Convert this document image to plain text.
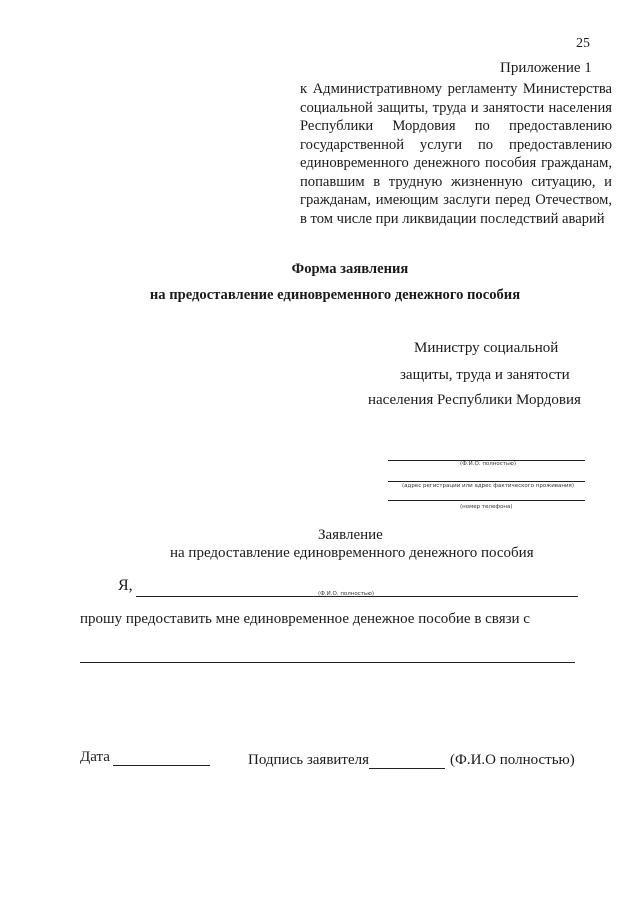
25
Приложение 1
к Административному регламенту Министерства социальной защиты, труда и занятости населения Республики Мордовия по предоставлению государственной услуги по предоставлению единовременного денежного пособия гражданам, попавшим в трудную жизненную ситуацию, и гражданам, имеющим заслуги перед Отечеством, в том числе при ликвидации последствий аварий
Форма заявления
на предоставление единовременного денежного пособия
Министру социальной
защиты, труда и занятости
населения Республики Мордовия
(Ф.И.О. полностью)
(адрес регистрации или адрес фактического проживания)
(номер телефона)
Заявление
на предоставление единовременного денежного пособия
Я,	(Ф.И.О. полностью)
прошу предоставить мне единовременное денежное пособие в связи с
Дата	Подпись заявителя	(Ф.И.О полностью)
